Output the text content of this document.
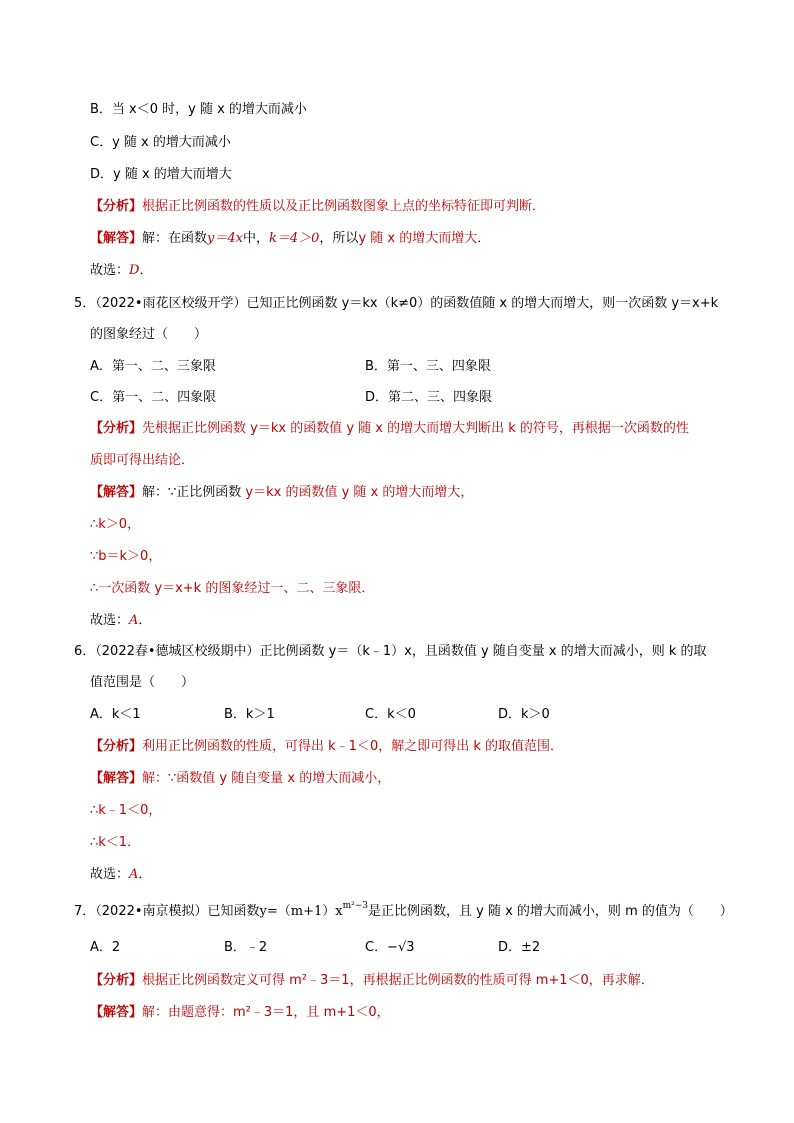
B．当 x＜0 时，y 随 x 的增大而减小
C．y 随 x 的增大而减小
D．y 随 x 的增大而增大
【分析】根据正比例函数的性质以及正比例函数图象上点的坐标特征即可判断．
【解答】解：在函数y＝4x中，k＝4＞0，所以y 随 x 的增大而增大．
故选：D．
5．（2022•雨花区校级开学）已知正比例函数 y＝kx（k≠0）的函数值随 x 的增大而增大，则一次函数 y＝x+k
的图象经过（　　）
A．第一、二、三象限	B．第一、三、四象限
C．第一、二、四象限	D．第二、三、四象限
【分析】先根据正比例函数 y＝kx 的函数值 y 随 x 的增大而增大判断出 k 的符号，再根据一次函数的性
质即可得出结论．
【解答】解：∵正比例函数 y＝kx 的函数值 y 随 x 的增大而增大，
∴k＞0，
∵b＝k＞0，
∴一次函数 y＝x+k 的图象经过一、二、三象限．
故选：A．
6．（2022春•德城区校级期中）正比例函数 y＝（k﹣1）x，且函数值 y 随自变量 x 的增大而减小，则 k 的取
值范围是（　　）
A．k＜1	B．k＞1	C．k＜0	D．k＞0
【分析】利用正比例函数的性质，可得出 k﹣1＜0，解之即可得出 k 的取值范围．
【解答】解：∵函数值 y 随自变量 x 的增大而减小，
∴k﹣1＜0，
∴k＜1．
故选：A．
7．（2022•南京模拟）已知函数$y=(m+1)x^{m^2-3}$是正比例函数，且 y 随 x 的增大而减小，则 m 的值为（　　）
A．2	B．﹣2	C．−√3	D．±2
【分析】根据正比例函数定义可得 m²﹣3＝1，再根据正比例函数的性质可得 m+1＜0，再求解．
【解答】解：由题意得：m²﹣3＝1，且 m+1＜0，
